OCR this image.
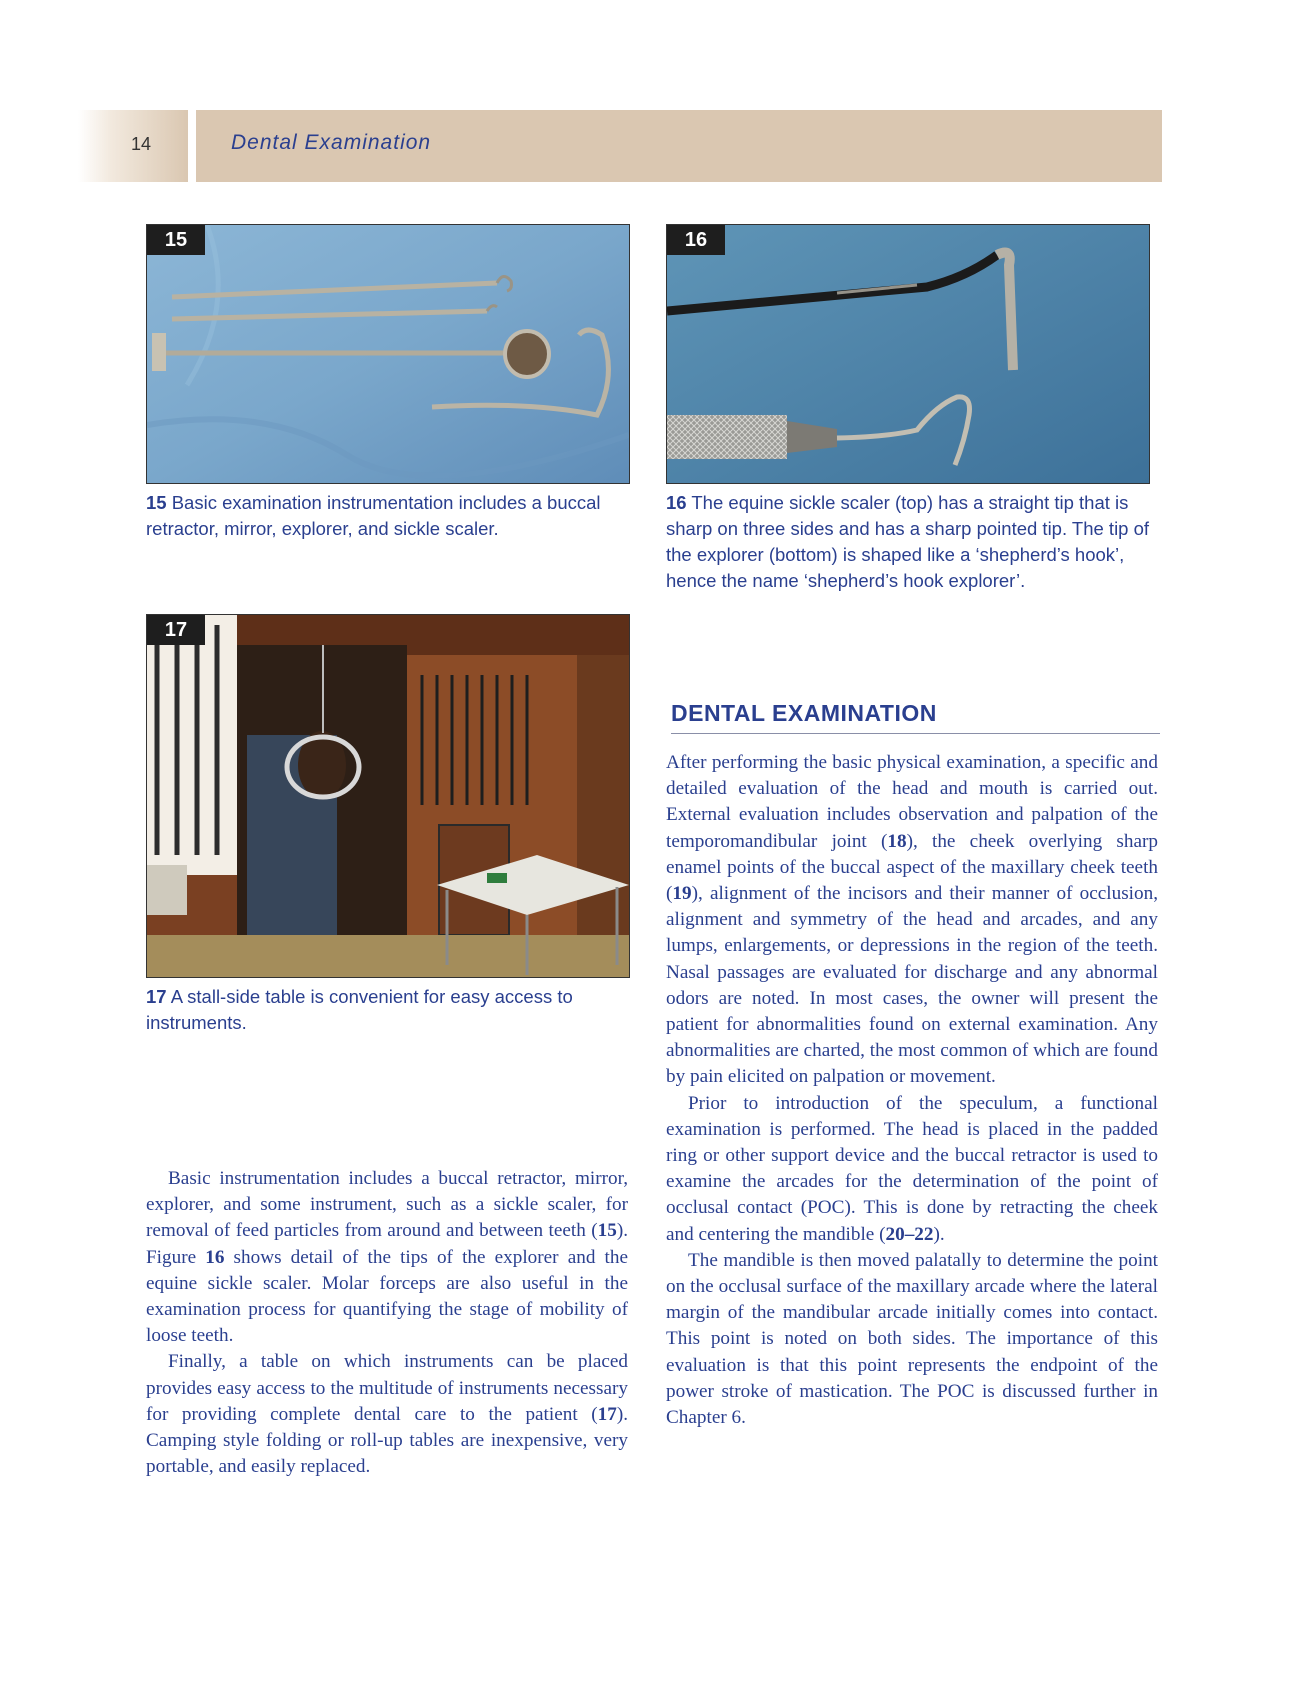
14	Dental Examination
15
15 Basic examination instrumentation includes a buccal retractor, mirror, explorer, and sickle scaler.
16
16 The equine sickle scaler (top) has a straight tip that is sharp on three sides and has a sharp pointed tip. The tip of the explorer (bottom) is shaped like a ‘shepherd’s hook’, hence the name ‘shepherd’s hook explorer’.
17
17 A stall-side table is convenient for easy access to instruments.

Basic instrumentation includes a buccal retractor, mirror, explorer, and some instrument, such as a sickle scaler, for removal of feed particles from around and between teeth (15). Figure 16 shows detail of the tips of the explorer and the equine sickle scaler. Molar forceps are also useful in the examination process for quantifying the stage of mobility of loose teeth.

Finally, a table on which instruments can be placed provides easy access to the multitude of instruments necessary for providing complete dental care to the patient (17). Camping style folding or roll-up tables are inexpensive, very portable, and easily replaced.

DENTAL EXAMINATION

After performing the basic physical examination, a specific and detailed evaluation of the head and mouth is carried out. External evaluation includes observation and palpation of the temporomandibular joint (18), the cheek overlying sharp enamel points of the buccal aspect of the maxillary cheek teeth (19), alignment of the incisors and their manner of occlusion, alignment and symmetry of the head and arcades, and any lumps, enlargements, or depressions in the region of the teeth. Nasal passages are evaluated for discharge and any abnormal odors are noted. In most cases, the owner will present the patient for abnormalities found on external examination. Any abnormalities are charted, the most common of which are found by pain elicited on palpation or movement.

Prior to introduction of the speculum, a functional examination is performed. The head is placed in the padded ring or other support device and the buccal retractor is used to examine the arcades for the determination of the point of occlusal contact (POC). This is done by retracting the cheek and centering the mandible (20–22).

The mandible is then moved palatally to determine the point on the occlusal surface of the maxillary arcade where the lateral margin of the mandibular arcade initially comes into contact. This point is noted on both sides. The importance of this evaluation is that this point represents the endpoint of the power stroke of mastication. The POC is discussed further in Chapter 6.
